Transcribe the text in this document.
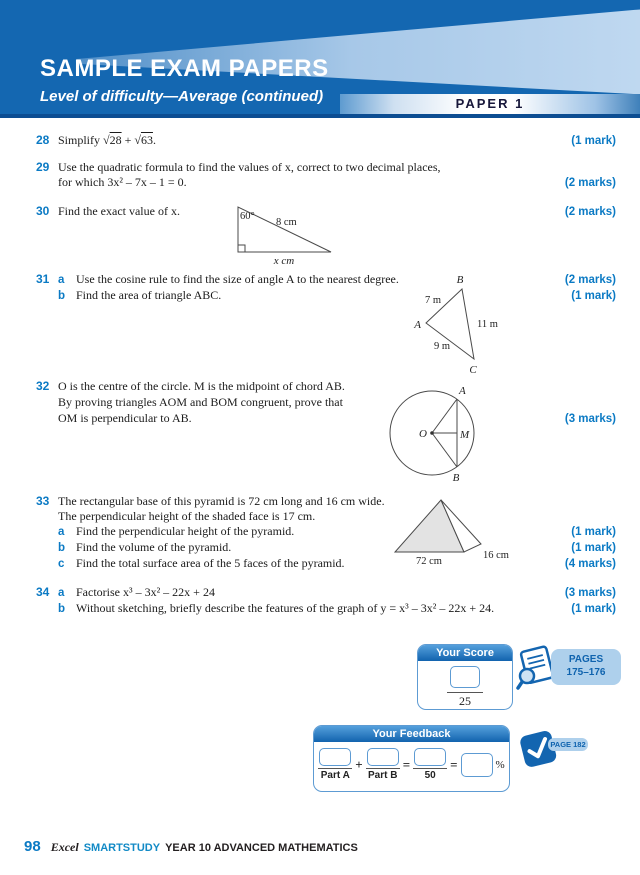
PAPER 1
SAMPLE EXAM PAPERS
Level of difficulty—Average (continued)
28 Simplify √28 + √63.	(1 mark)
29 Use the quadratic formula to find the values of x, correct to two decimal places,
for which 3x² – 7x – 1 = 0.	(2 marks)
30 Find the exact value of x.	(2 marks)
60°
8 cm
x cm
31 a Use the cosine rule to find the size of angle A to the nearest degree.	(2 marks)
b Find the area of triangle ABC.	(1 mark)
B
A
C
7 m
11 m
9 m
32 O is the centre of the circle. M is the midpoint of chord AB.
By proving triangles AOM and BOM congruent, prove that
OM is perpendicular to AB.	(3 marks)
O	M
A
B
33 The rectangular base of this pyramid is 72 cm long and 16 cm wide.
The perpendicular height of the shaded face is 17 cm.
a Find the perpendicular height of the pyramid.	(1 mark)
b Find the volume of the pyramid.	(1 mark)
c Find the total surface area of the 5 faces of the pyramid.	(4 marks)
72 cm
16 cm
34 a Factorise x³ – 3x² – 22x + 24	(3 marks)
b Without sketching, briefly describe the features of the graph of y = x³ – 3x² – 22x + 24.	(1 mark)
Your Score
25
PAGES
175–176
Your Feedback
Part A
+
Part B
=
50
=	%
PAGE 182
98 Excel SMARTSTUDY YEAR 10 ADVANCED MATHEMATICS
